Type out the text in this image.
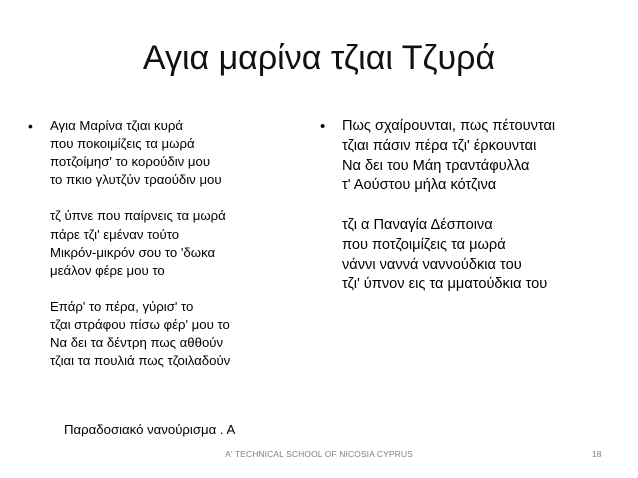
Αγια μαρίνα τζιαι Τζυρά
• Αγια Μαρίνα τζιαι κυρά
που ποκοιμίζεις τα μωρά
ποτζοίμησ' το κορούδιν μου
το πκιο γλυτζύν τραούδιν μου
τζ ύπνε που παίρνεις τα μωρά
πάρε τζι' εμέναν τούτο
Μικρόν-μικρόν σου το 'δωκα
μεάλον φέρε μου το
Επάρ' το πέρα, γύρισ' το
τζαι στράφου πίσω φέρ' μου το
Να δει τα δέντρη πως αθθούν
τζιαι τα πουλιά πως τζοιλαδούν
• Πως σχαίρουνται, πως πέτουνται
τζιαι πάσιν πέρα τζι' έρκουνται
Να δει του Μάη τραντάφυλλα
τ' Αούστου μήλα κότζινα
τζι α Παναγία Δέσποινα
που ποτζοιμίζεις τα μωρά
νάννι ναννά ναννούδκια του
τζι' ύπνον εις τα μματούδκια του
Παραδοσιακό νανούρισμα . Α
A' TECHNICAL SCHOOL OF NICOSIA CYPRUS	18
